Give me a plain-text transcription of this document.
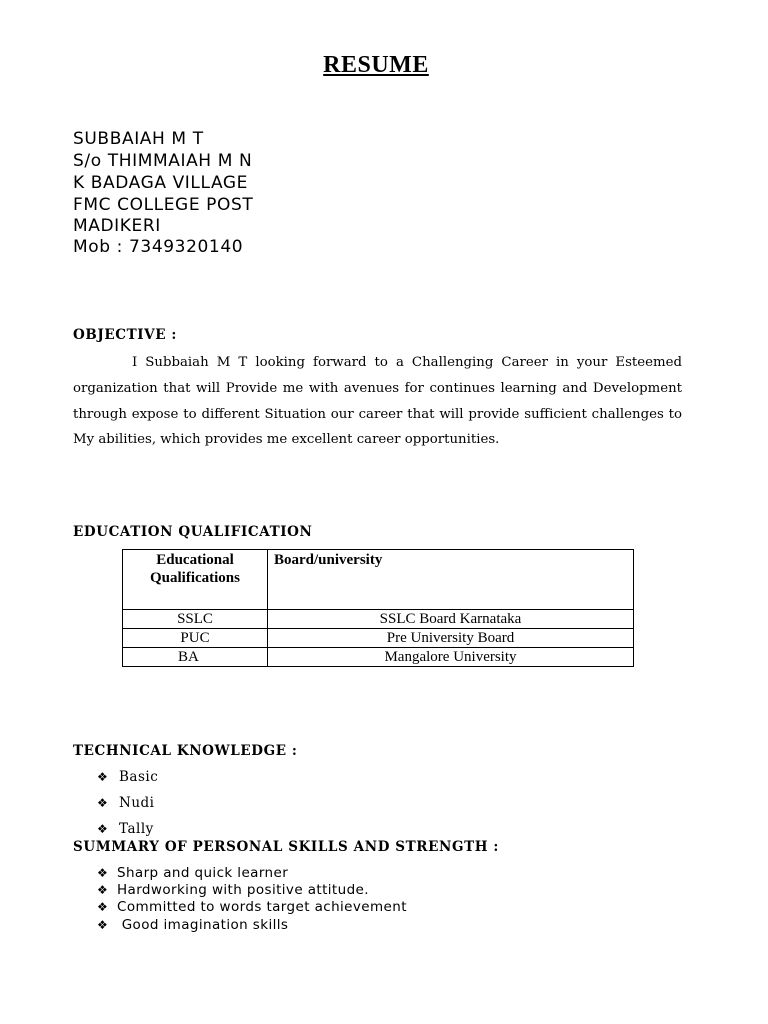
RESUME
SUBBAIAH M T
S/o THIMMAIAH M N
K BADAGA VILLAGE
FMC COLLEGE POST
MADIKERI
Mob : 7349320140
OBJECTIVE :

I Subbaiah M T looking forward to a Challenging Career in your Esteemed organization that will Provide me with avenues for continues learning and Development through expose to different Situation our career that will provide sufficient challenges to My abilities, which provides me excellent career opportunities.

EDUCATION QUALIFICATION
Educational Qualifications	Board/university
SSLC	SSLC Board Karnataka
PUC	Pre University Board
BA	Mangalore University
TECHNICAL KNOWLEDGE :
❖ Basic
❖ Nudi
❖ Tally
SUMMARY OF PERSONAL SKILLS AND STRENGTH :
❖ Sharp and quick learner
❖ Hardworking with positive attitude.
❖ Committed to words target achievement
❖ Good imagination skills
